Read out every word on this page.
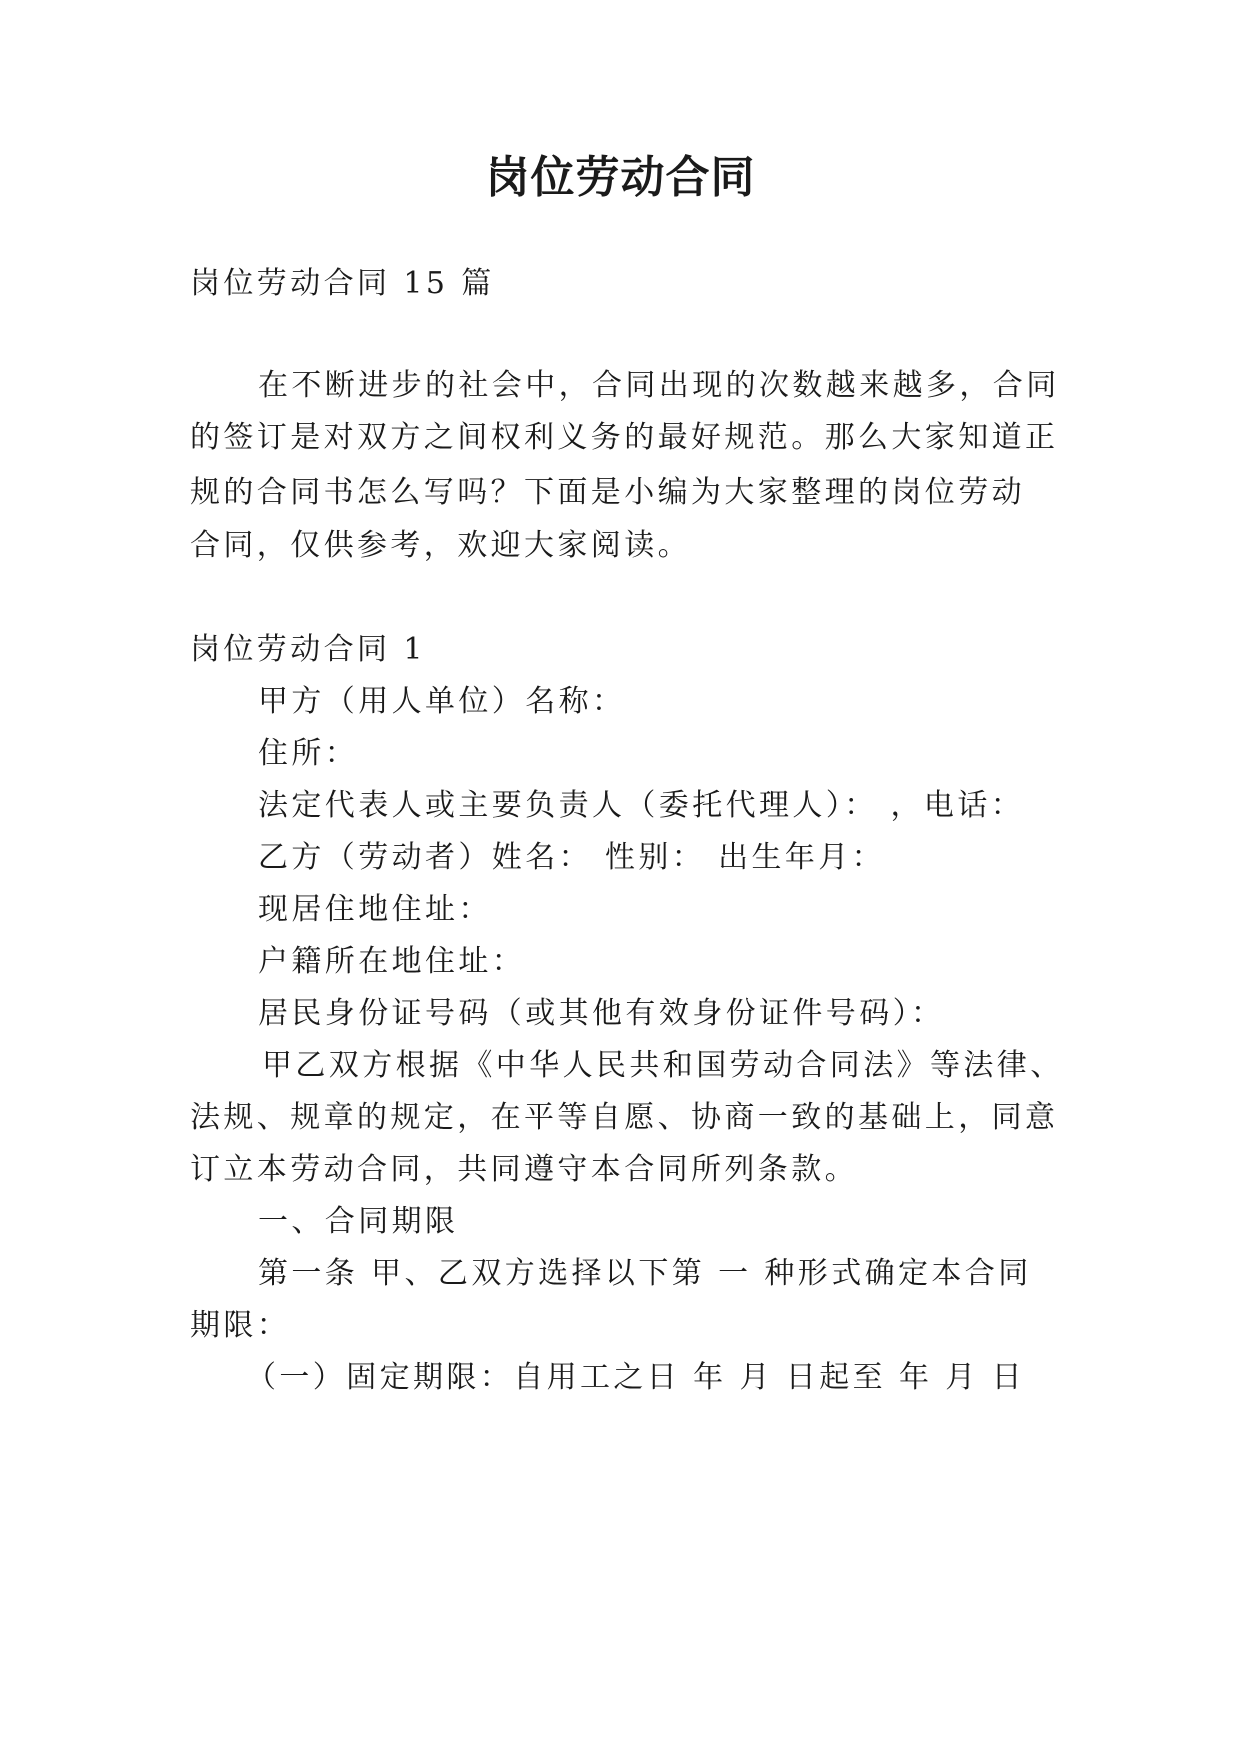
岗位劳动合同
岗位劳动合同 15 篇
在不断进步的社会中，合同出现的次数越来越多，合同
的签订是对双方之间权利义务的最好规范。那么大家知道正
规的合同书怎么写吗？下面是小编为大家整理的岗位劳动
合同，仅供参考，欢迎大家阅读。
岗位劳动合同 1
甲方（用人单位）名称：
住所：
法定代表人或主要负责人（委托代理人）： ，电话：
乙方（劳动者）姓名： 性别： 出生年月：
现居住地住址：
户籍所在地住址：
居民身份证号码（或其他有效身份证件号码）：
甲乙双方根据《中华人民共和国劳动合同法》等法律、
法规、规章的规定，在平等自愿、协商一致的基础上，同意
订立本劳动合同，共同遵守本合同所列条款。
一、合同期限
第一条 甲、乙双方选择以下第 一 种形式确定本合同
期限：
（一）固定期限：自用工之日 年 月 日起至 年 月 日
